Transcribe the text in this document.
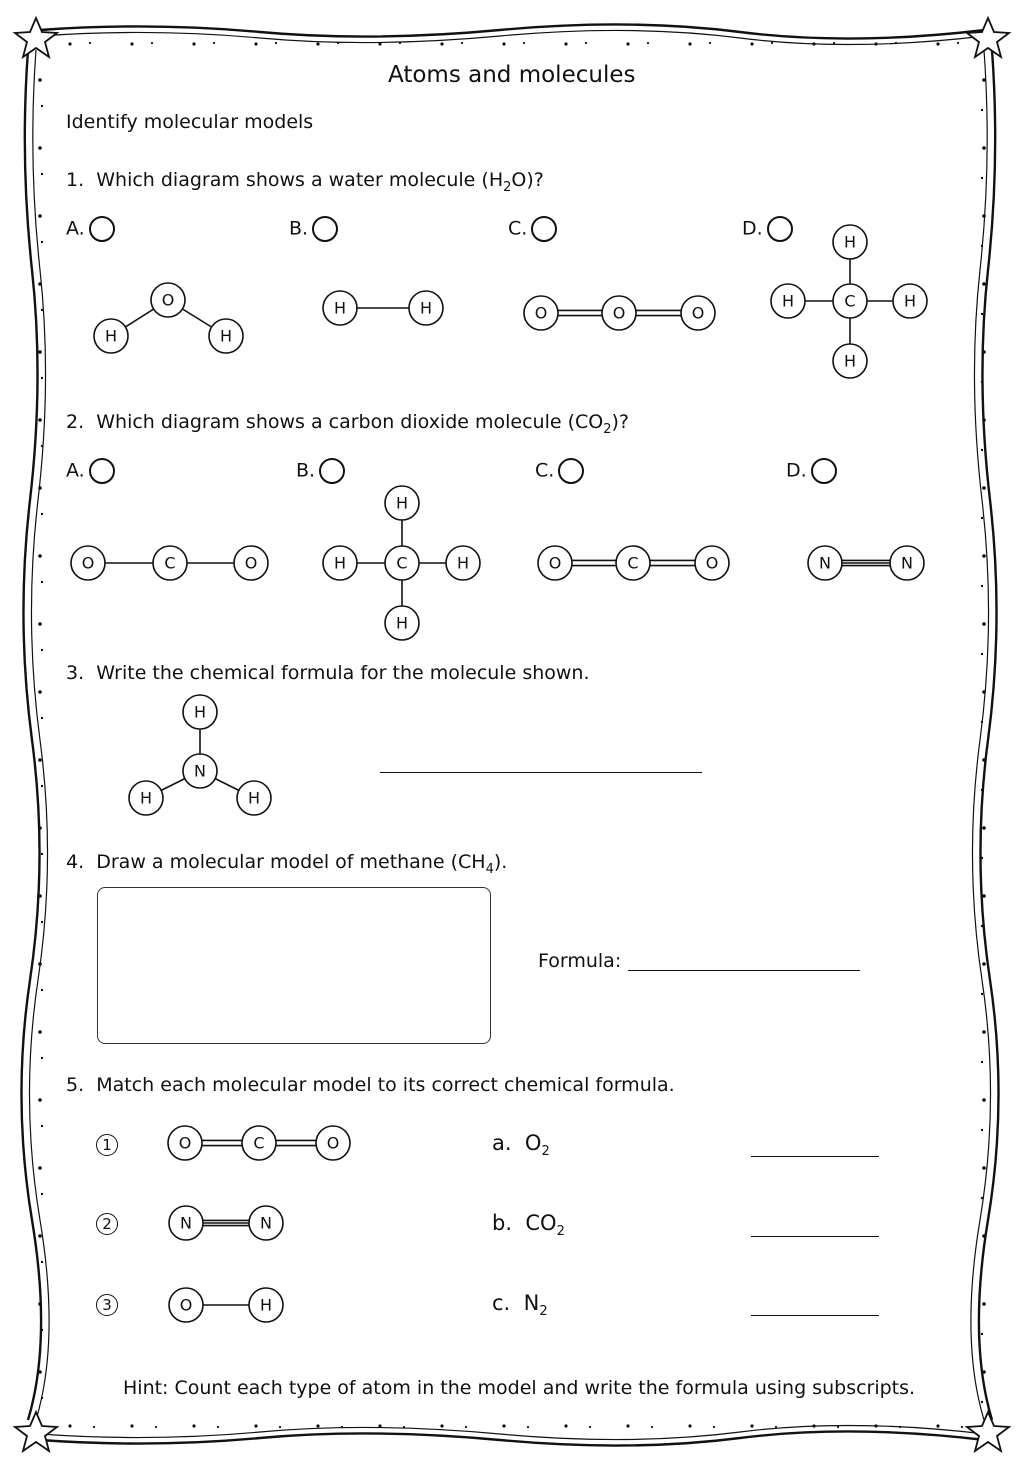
Atoms and molecules
Identify molecular models
1. Which diagram shows a water molecule $(H_2O)$?
A.	B.	C.	D.
2. Which diagram shows a carbon dioxide molecule $(CO_2)$?
A.	B.	C.	D.
3. Write the chemical formula for the molecule shown.
4. Draw a molecular model of methane $(CH_4)$.
Formula:
5. Match each molecular model to its correct chemical formula.
1
2
3
a. $O_2$
b. $CO_2$
c. $N_2$
Hint: Count each type of atom in the model and write the formula using subscripts.
O
H	H
H	H	O	O	O
C
H
H
H	H
O	C	O	C
H
H
H	H	O	C	O	N	N
N
H
H	H
O	C	O
N	N
O	H
